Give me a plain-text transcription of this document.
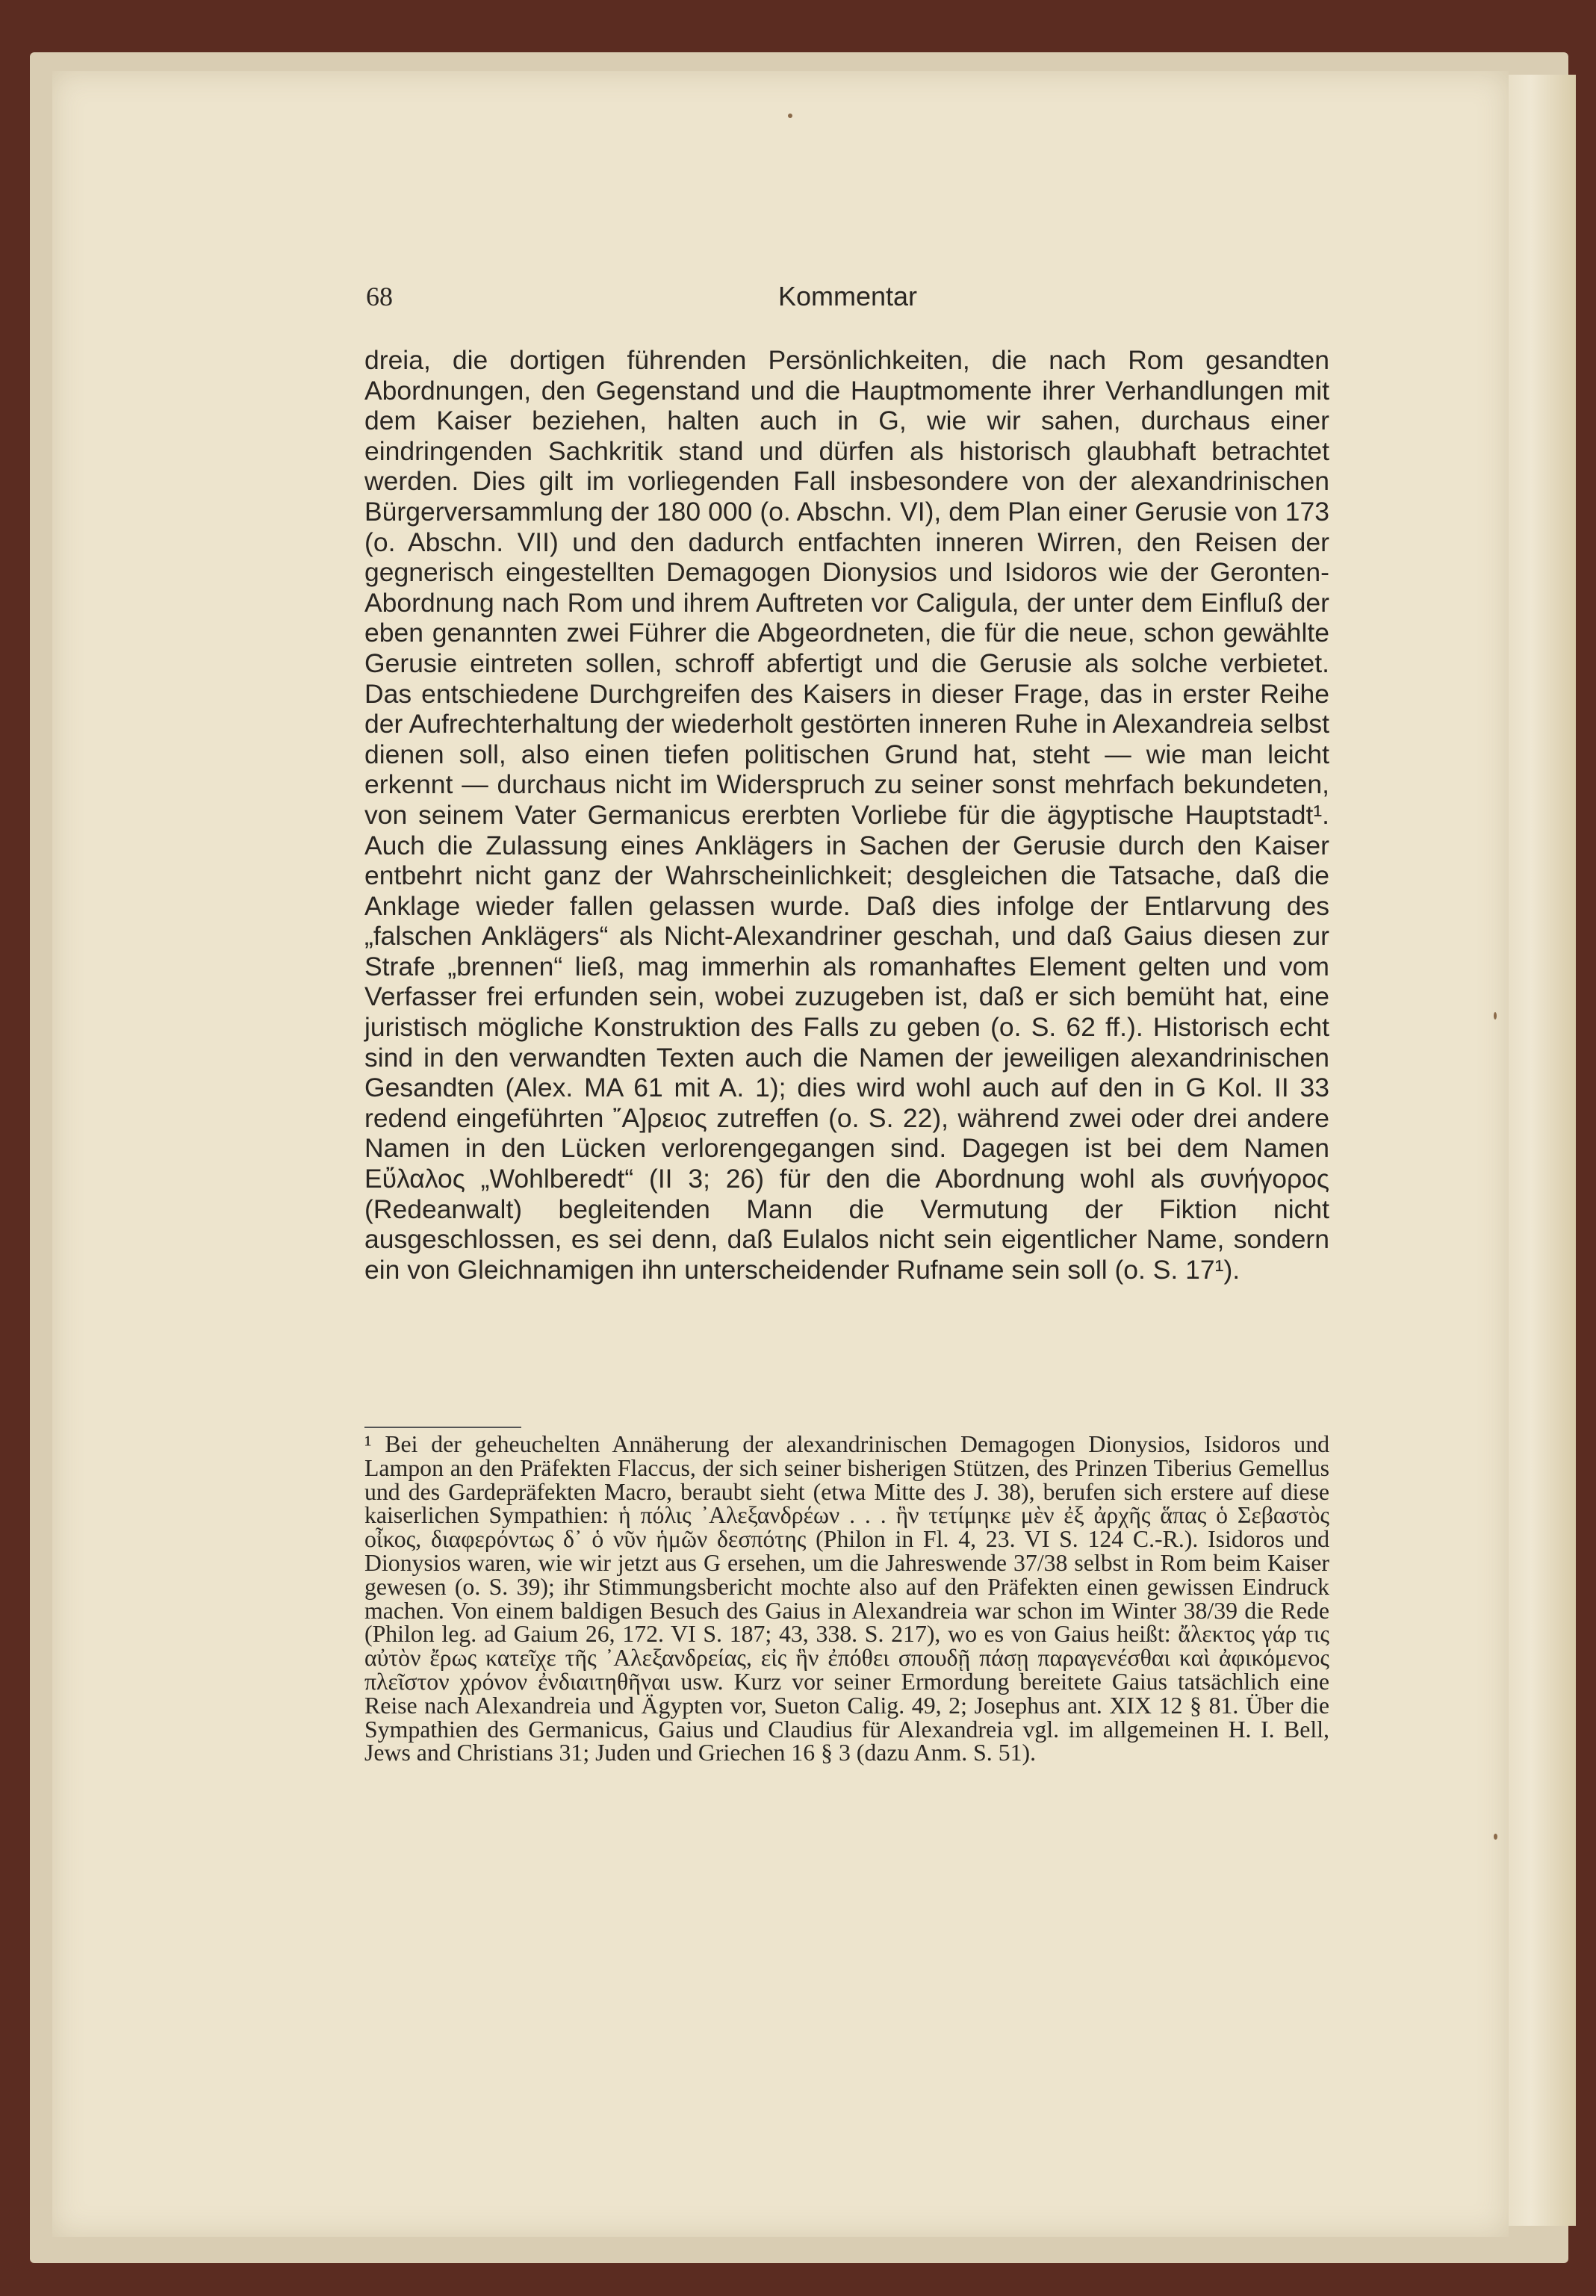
68	Kommentar

dreia, die dortigen führenden Persönlichkeiten, die nach Rom gesandten Abordnungen, den Gegenstand und die Hauptmomente ihrer Verhandlungen mit dem Kaiser beziehen, halten auch in G, wie wir sahen, durchaus einer eindringenden Sachkritik stand und dürfen als historisch glaubhaft betrachtet werden. Dies gilt im vorliegenden Fall insbesondere von der alexandrinischen Bürgerversammlung der 180 000 (o. Abschn. VI), dem Plan einer Gerusie von 173 (o. Abschn. VII) und den dadurch entfachten inneren Wirren, den Reisen der gegnerisch eingestellten Demagogen Dionysios und Isidoros wie der Geronten-Abordnung nach Rom und ihrem Auftreten vor Caligula, der unter dem Einfluß der eben genannten zwei Führer die Abgeordneten, die für die neue, schon gewählte Gerusie eintreten sollen, schroff abfertigt und die Gerusie als solche verbietet. Das entschiedene Durchgreifen des Kaisers in dieser Frage, das in erster Reihe der Aufrechterhaltung der wiederholt gestörten inneren Ruhe in Alexandreia selbst dienen soll, also einen tiefen politischen Grund hat, steht — wie man leicht erkennt — durchaus nicht im Widerspruch zu seiner sonst mehrfach bekundeten, von seinem Vater Germanicus ererbten Vorliebe für die ägyptische Hauptstadt¹. Auch die Zulassung eines Anklägers in Sachen der Gerusie durch den Kaiser entbehrt nicht ganz der Wahrscheinlichkeit; desgleichen die Tatsache, daß die Anklage wieder fallen gelassen wurde. Daß dies infolge der Entlarvung des „falschen Anklägers“ als Nicht-Alexandriner geschah, und daß Gaius diesen zur Strafe „brennen“ ließ, mag immerhin als romanhaftes Element gelten und vom Verfasser frei erfunden sein, wobei zuzugeben ist, daß er sich bemüht hat, eine juristisch mögliche Konstruktion des Falls zu geben (o. S. 62 ff.). Historisch echt sind in den verwandten Texten auch die Namen der jeweiligen alexandrinischen Gesandten (Alex. MA 61 mit A. 1); dies wird wohl auch auf den in G Kol. II 33 redend eingeführten ῎Α]ρειος zutreffen (o. S. 22), während zwei oder drei andere Namen in den Lücken verlorengegangen sind. Dagegen ist bei dem Namen Εὔλαλος „Wohlberedt“ (II 3; 26) für den die Abordnung wohl als συνήγορος (Redeanwalt) begleitenden Mann die Vermutung der Fiktion nicht ausgeschlossen, es sei denn, daß Eulalos nicht sein eigentlicher Name, sondern ein von Gleichnamigen ihn unterscheidender Rufname sein soll (o. S. 17¹).

¹ Bei der geheuchelten Annäherung der alexandrinischen Demagogen Dionysios, Isidoros und Lampon an den Präfekten Flaccus, der sich seiner bisherigen Stützen, des Prinzen Tiberius Gemellus und des Gardepräfekten Macro, beraubt sieht (etwa Mitte des J. 38), berufen sich erstere auf diese kaiserlichen Sympathien: ἡ πόλις ᾿Αλεξανδρέων . . . ἣν τετίμηκε μὲν ἐξ ἀρχῆς ἅπας ὁ Σεβαστὸς οἶκος, διαφερόντως δ᾽ ὁ νῦν ἡμῶν δεσπότης (Philon in Fl. 4, 23. VI S. 124 C.-R.). Isidoros und Dionysios waren, wie wir jetzt aus G ersehen, um die Jahreswende 37/38 selbst in Rom beim Kaiser gewesen (o. S. 39); ihr Stimmungsbericht mochte also auf den Präfekten einen gewissen Eindruck machen. Von einem baldigen Besuch des Gaius in Alexandreia war schon im Winter 38/39 die Rede (Philon leg. ad Gaium 26, 172. VI S. 187; 43, 338. S. 217), wo es von Gaius heißt: ἄλεκτος γάρ τις αὐτὸν ἔρως κατεῖχε τῆς ᾿Αλεξανδρείας, εἰς ἣν ἐπόθει σπουδῇ πάσῃ παραγενέσθαι καὶ ἀφικόμενος πλεῖστον χρόνον ἐνδιαιτηθῆναι usw. Kurz vor seiner Ermordung bereitete Gaius tatsächlich eine Reise nach Alexandreia und Ägypten vor, Sueton Calig. 49, 2; Josephus ant. XIX 12 § 81. Über die Sympathien des Germanicus, Gaius und Claudius für Alexandreia vgl. im allgemeinen H. I. Bell, Jews and Christians 31; Juden und Griechen 16 § 3 (dazu Anm. S. 51).
